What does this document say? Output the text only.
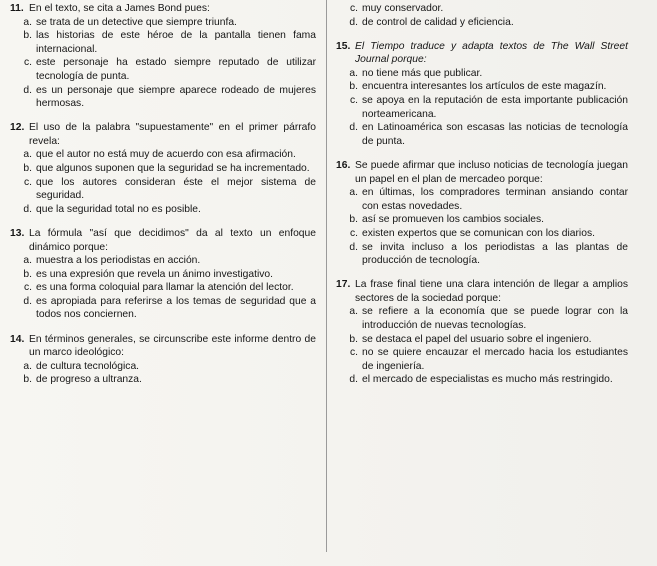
11. En el texto, se cita a James Bond pues:
a. se trata de un detective que siempre triunfa.
b. las historias de este héroe de la pantalla tienen fama internacional.
c. este personaje ha estado siempre reputado de utilizar tecnología de punta.
d. es un personaje que siempre aparece rodeado de mujeres hermosas.
12. El uso de la palabra "supuestamente" en el primer párrafo revela:
a. que el autor no está muy de acuerdo con esa afirmación.
b. que algunos suponen que la seguridad se ha incrementado.
c. que los autores consideran éste el mejor sistema de seguridad.
d. que la seguridad total no es posible.
13. La fórmula "así que decidimos" da al texto un enfoque dinámico porque:
a. muestra a los periodistas en acción.
b. es una expresión que revela un ánimo investigativo.
c. es una forma coloquial para llamar la atención del lector.
d. es apropiada para referirse a los temas de seguridad que a todos nos conciernen.
14. En términos generales, se circunscribe este informe dentro de un marco ideológico:
a. de cultura tecnológica.
b. de progreso a ultranza.
c. muy conservador.
d. de control de calidad y eficiencia.
15. El Tiempo traduce y adapta textos de The Wall Street Journal porque:
a. no tiene más que publicar.
b. encuentra interesantes los artículos de este magazín.
c. se apoya en la reputación de esta importante publicación norteamericana.
d. en Latinoamérica son escasas las noticias de tecnología de punta.
16. Se puede afirmar que incluso noticias de tecnología juegan un papel en el plan de mercadeo porque:
a. en últimas, los compradores terminan ansiando contar con estas novedades.
b. así se promueven los cambios sociales.
c. existen expertos que se comunican con los diarios.
d. se invita incluso a los periodistas a las plantas de producción de tecnología.
17. La frase final tiene una clara intención de llegar a amplios sectores de la sociedad porque:
a. se refiere a la economía que se puede lograr con la introducción de nuevas tecnologías.
b. se destaca el papel del usuario sobre el ingeniero.
c. no se quiere encauzar el mercado hacia los estudiantes de ingeniería.
d. el mercado de especialistas es mucho más restringido.
